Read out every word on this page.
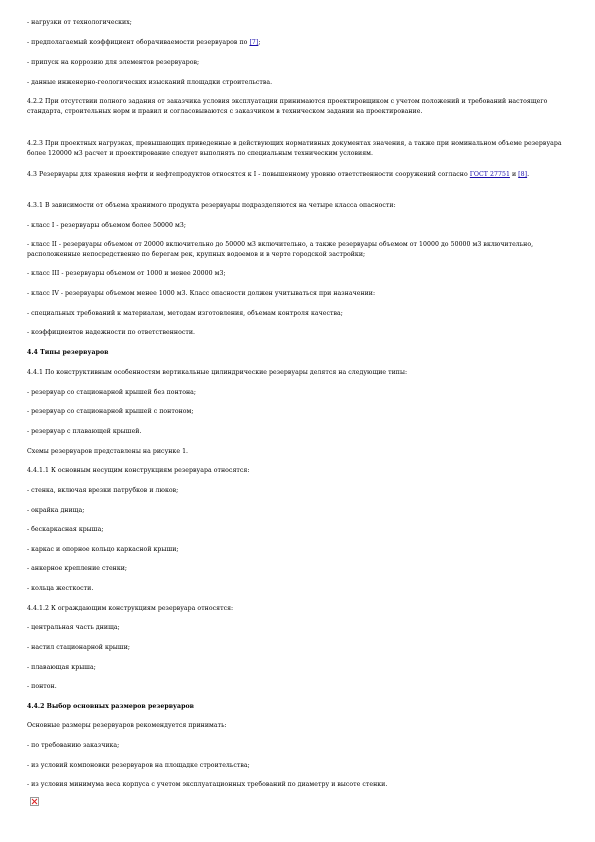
- нагрузки от технологических;

- предполагаемый коэффициент оборачиваемости резервуаров по [7];

- припуск на коррозию для элементов резервуаров;

- данные инженерно-геологических изысканий площадки строительства.

4.2.2 При отсутствии полного задания от заказчика условия эксплуатации принимаются проектировщиком с учетом положений и требований настоящего стандарта, строительных норм и правил и согласовываются с заказчиком в техническом задании на проектирование.

4.2.3 При проектных нагрузках, превышающих приведенные в действующих нормативных документах значения, а также при номинальном объеме резервуара более 120000 м3 расчет и проектирование следует выполнять по специальным техническим условиям.

4.3 Резервуары для хранения нефти и нефтепродуктов относятся к I - повышенному уровню ответственности сооружений согласно ГОСТ 27751 и [8].

4.3.1 В зависимости от объема хранимого продукта резервуары подразделяются на четыре класса опасности:

- класс I - резервуары объемом более 50000 м3;

- класс II - резервуары объемом от 20000 включительно до 50000 м3 включительно, а также резервуары объемом от 10000 до 50000 м3 включительно, расположенные непосредственно по берегам рек, крупных водоемов и в черте городской застройки;

- класс III - резервуары объемом от 1000 и менее 20000 м3;

- класс IV - резервуары объемом менее 1000 м3. Класс опасности должен учитываться при назначении:

- специальных требований к материалам, методам изготовления, объемам контроля качества;

- коэффициентов надежности по ответственности.

4.4 Типы резервуаров

4.4.1 По конструктивным особенностям вертикальные цилиндрические резервуары делятся на следующие типы:

- резервуар со стационарной крышей без понтона;

- резервуар со стационарной крышей с понтоном;

- резервуар с плавающей крышей.

Схемы резервуаров представлены на рисунке 1.

4.4.1.1 К основным несущим конструкциям резервуара относятся:

- стенка, включая врезки патрубков и люков;

- окрайка днища;

- бескаркасная крыша;

- каркас и опорное кольцо каркасной крыши;

- анкерное крепление стенки;

- кольца жесткости.

4.4.1.2 К ограждающим конструкциям резервуара относятся:

- центральная часть днища;

- настил стационарной крыши;

- плавающая крыша;

- понтон.

4.4.2 Выбор основных размеров резервуаров

Основные размеры резервуаров рекомендуется принимать:

- по требованию заказчика;

- из условий компоновки резервуаров на площадке строительства;

- из условия минимума веса корпуса с учетом эксплуатационных требований по диаметру и высоте стенки.
